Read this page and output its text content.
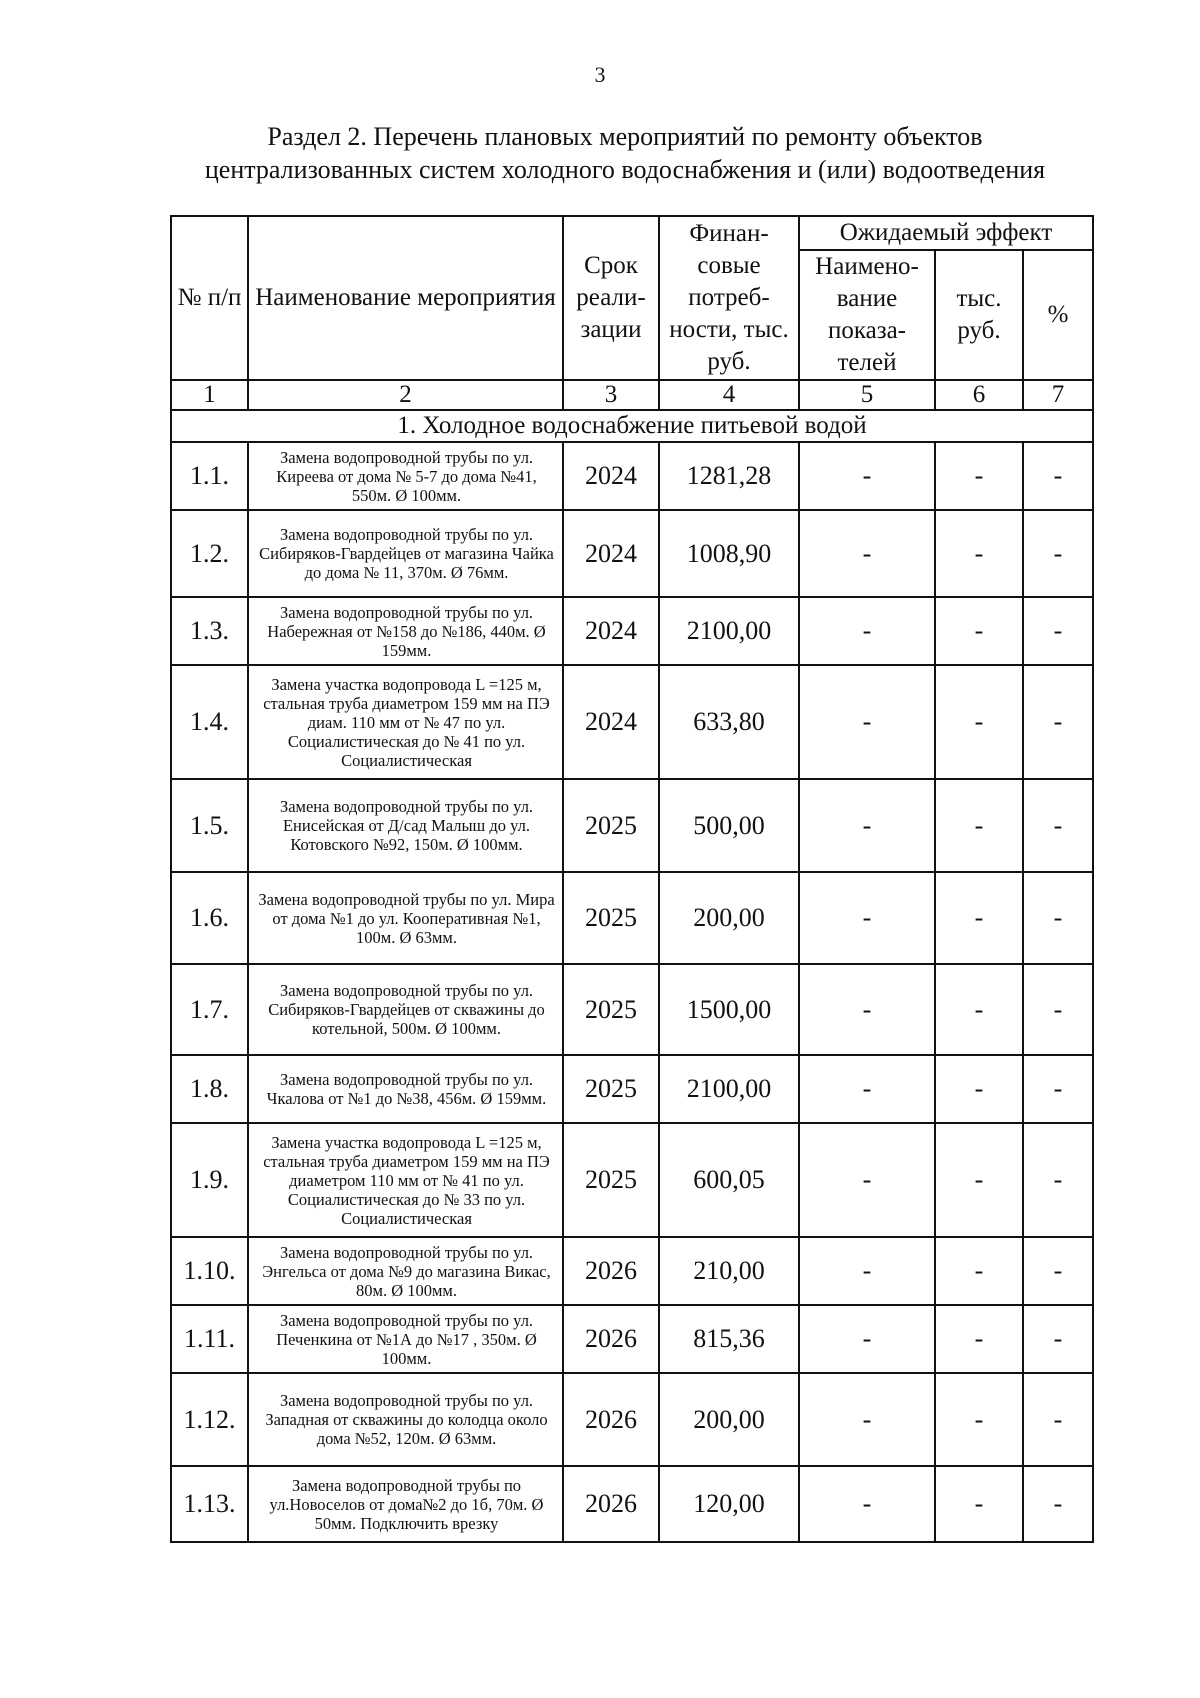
3
Раздел 2. Перечень плановых мероприятий по ремонту объектов
централизованных систем холодного водоснабжения и (или) водоотведения
№ п/п	Наименование мероприятия	Срок реали-зации	Финан-совые потреб-ности, тыс. руб.	Ожидаемый эффект		
				Наимено-вание показа-телей	тыс. руб.	%
1	2	3	4	5	6	7
1. Холодное водоснабжение питьевой водой						
1.1.	Замена водопроводной трубы по ул. Киреева от дома № 5-7 до дома №41, 550м. Ø 100мм.	2024	1281,28	-	-	-
1.2.	Замена водопроводной трубы по ул. Сибиряков-Гвардейцев от магазина Чайка до дома № 11, 370м. Ø 76мм.	2024	1008,90	-	-	-
1.3.	Замена водопроводной трубы по ул. Набережная от №158 до №186, 440м. Ø 159мм.	2024	2100,00	-	-	-
1.4.	Замена участка водопровода L =125 м, стальная труба диаметром 159 мм на ПЭ диам. 110 мм от № 47 по ул. Социалистическая до № 41 по ул. Социалистическая	2024	633,80	-	-	-
1.5.	Замена водопроводной трубы по ул. Енисейская от Д/сад Малыш до ул. Котовского №92, 150м. Ø 100мм.	2025	500,00	-	-	-
1.6.	Замена водопроводной трубы по ул. Мира от дома №1 до ул. Кооперативная №1, 100м. Ø 63мм.	2025	200,00	-	-	-
1.7.	Замена водопроводной трубы по ул. Сибиряков-Гвардейцев от скважины до котельной, 500м. Ø 100мм.	2025	1500,00	-	-	-
1.8.	Замена водопроводной трубы по ул. Чкалова от №1 до №38, 456м. Ø 159мм.	2025	2100,00	-	-	-
1.9.	Замена участка водопровода L =125 м, стальная труба диаметром 159 мм на ПЭ диаметром 110 мм от № 41 по ул. Социалистическая до № 33 по ул. Социалистическая	2025	600,05	-	-	-
1.10.	Замена водопроводной трубы по ул. Энгельса от дома №9 до магазина Викас, 80м. Ø 100мм.	2026	210,00	-	-	-
1.11.	Замена водопроводной трубы по ул. Печенкина от №1А до №17 , 350м. Ø 100мм.	2026	815,36	-	-	-
1.12.	Замена водопроводной трубы по ул. Западная от скважины до колодца около дома №52, 120м. Ø 63мм.	2026	200,00	-	-	-
1.13.	Замена водопроводной трубы по ул.Новоселов от дома№2 до 1б, 70м. Ø 50мм. Подключить врезку	2026	120,00	-	-	-
